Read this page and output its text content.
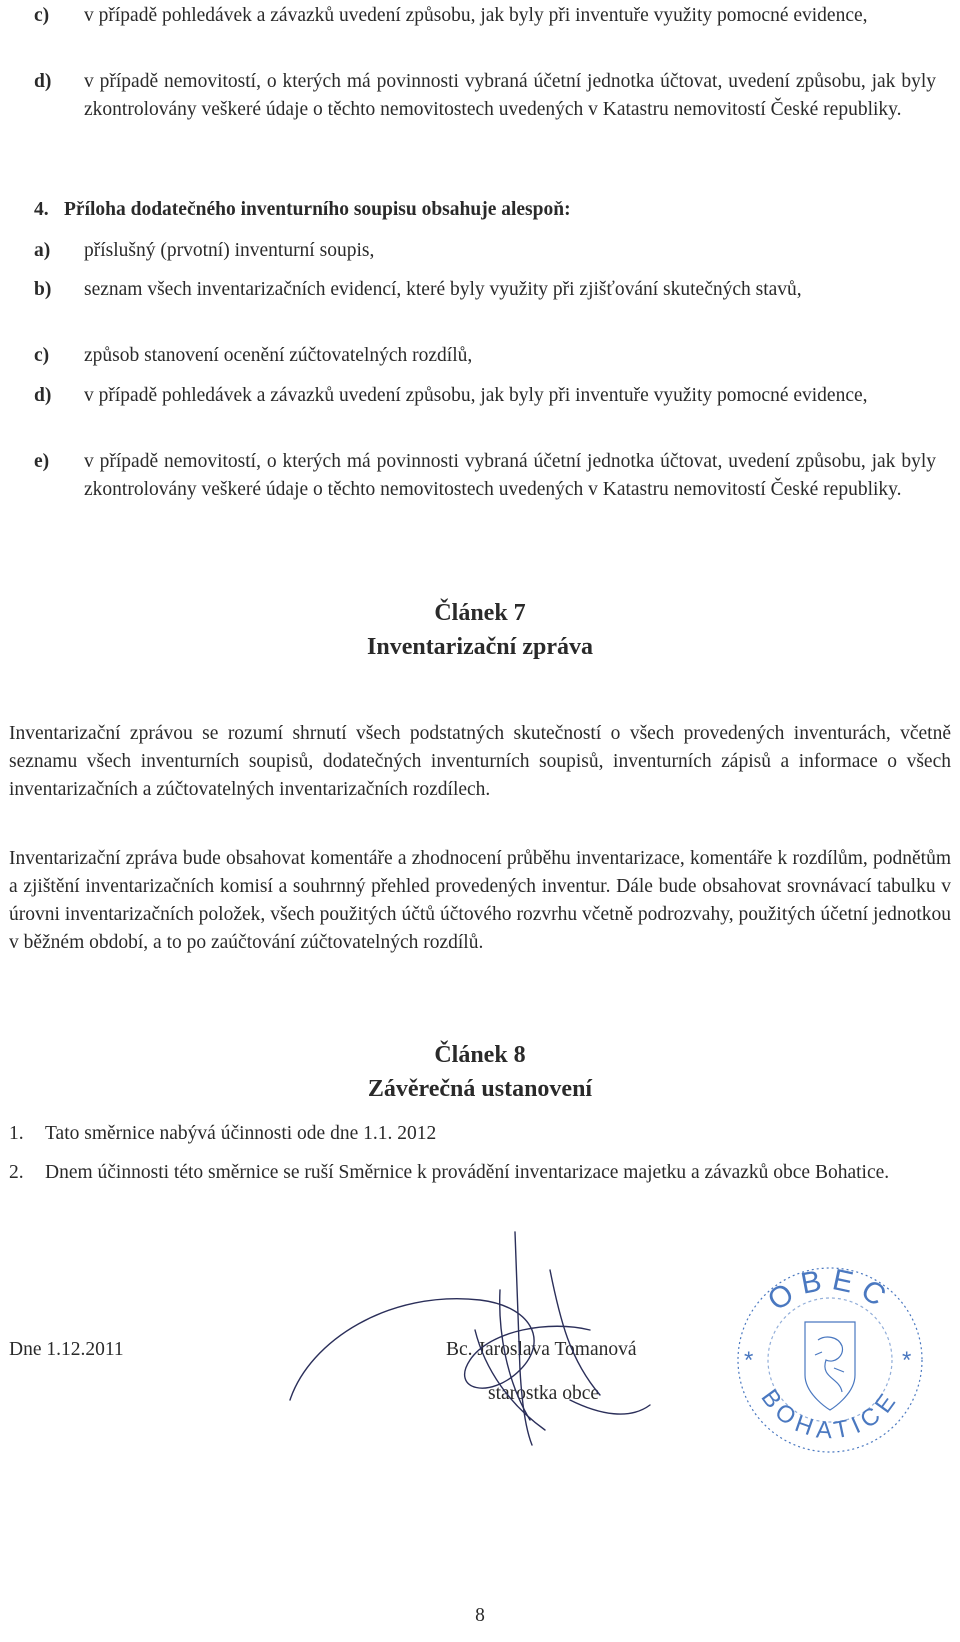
c) v případě pohledávek a závazků uvedení způsobu, jak byly při inventuře využity pomocné evidence,
d) v případě nemovitostí, o kterých má povinnosti vybraná účetní jednotka účtovat, uvedení způsobu, jak byly zkontrolovány veškeré údaje o těchto nemovitostech uvedených v Katastru nemovitostí České republiky.
4. Příloha dodatečného inventurního soupisu obsahuje alespoň:
a) příslušný (prvotní) inventurní soupis,
b) seznam všech inventarizačních evidencí, které byly využity při zjišťování skutečných stavů,
c) způsob stanovení ocenění zúčtovatelných rozdílů,
d) v případě pohledávek a závazků uvedení způsobu, jak byly při inventuře využity pomocné evidence,
e) v případě nemovitostí, o kterých má povinnosti vybraná účetní jednotka účtovat, uvedení způsobu, jak byly zkontrolovány veškeré údaje o těchto nemovitostech uvedených v Katastru nemovitostí České republiky.
Článek 7
Inventarizační zpráva
Inventarizační zprávou se rozumí shrnutí všech podstatných skutečností o všech provedených inventurách, včetně seznamu všech inventurních soupisů, dodatečných inventurních soupisů, inventurních zápisů a informace o všech inventarizačních a zúčtovatelných inventarizačních rozdílech.
Inventarizační zpráva bude obsahovat komentáře a zhodnocení průběhu inventarizace, komentáře k rozdílům, podnětům a zjištění inventarizačních komisí a souhrnný přehled provedených inventur. Dále bude obsahovat srovnávací tabulku v úrovni inventarizačních položek, všech použitých účtů účtového rozvrhu včetně podrozvahy, použitých účetní jednotkou v běžném období, a to po zaúčtování zúčtovatelných rozdílů.
Článek 8
Závěrečná ustanovení
1. Tato směrnice nabývá účinnosti ode dne 1.1. 2012
2. Dnem účinnosti této směrnice se ruší Směrnice k provádění inventarizace majetku a závazků obce Bohatice.
Dne 1.12.2011	Bc. Jaroslava Tomanová
starostka obce
OBEC
BOHATICE
*	*
8
